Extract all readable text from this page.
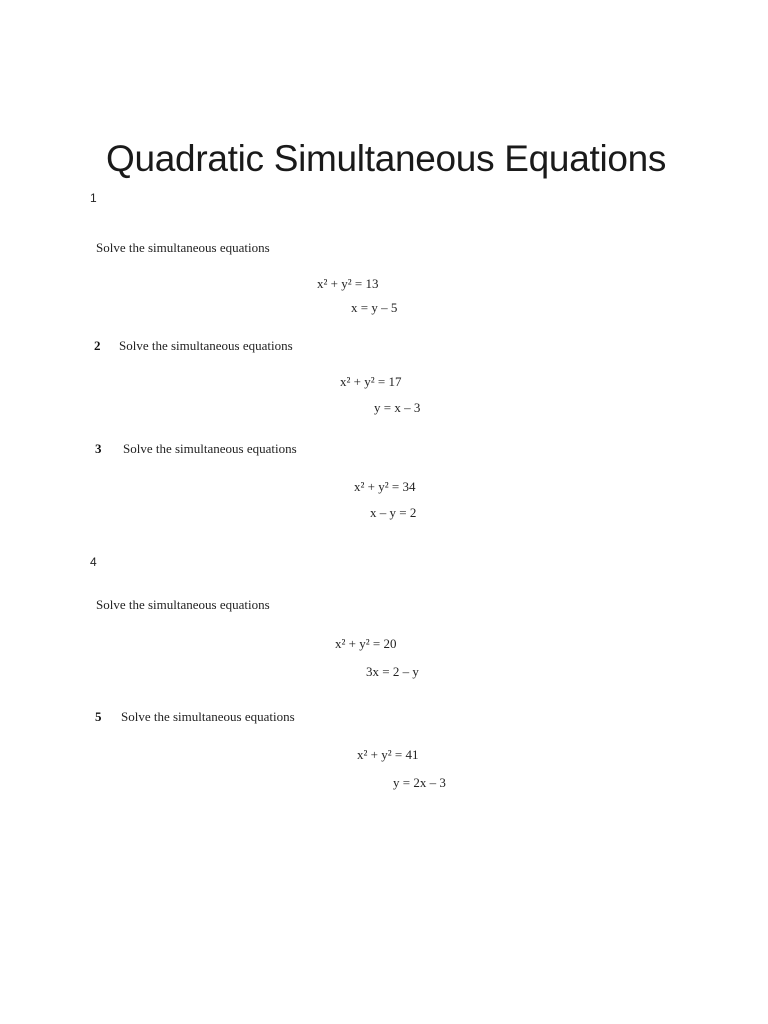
Quadratic Simultaneous Equations
1
Solve the simultaneous equations
x² + y² = 13
x = y – 5
2 Solve the simultaneous equations
x² + y² = 17
y = x – 3
3 Solve the simultaneous equations
x² + y² = 34
x – y = 2
4
Solve the simultaneous equations
x² + y² = 20
3x = 2 – y
5 Solve the simultaneous equations
x² + y² = 41
y = 2x – 3
